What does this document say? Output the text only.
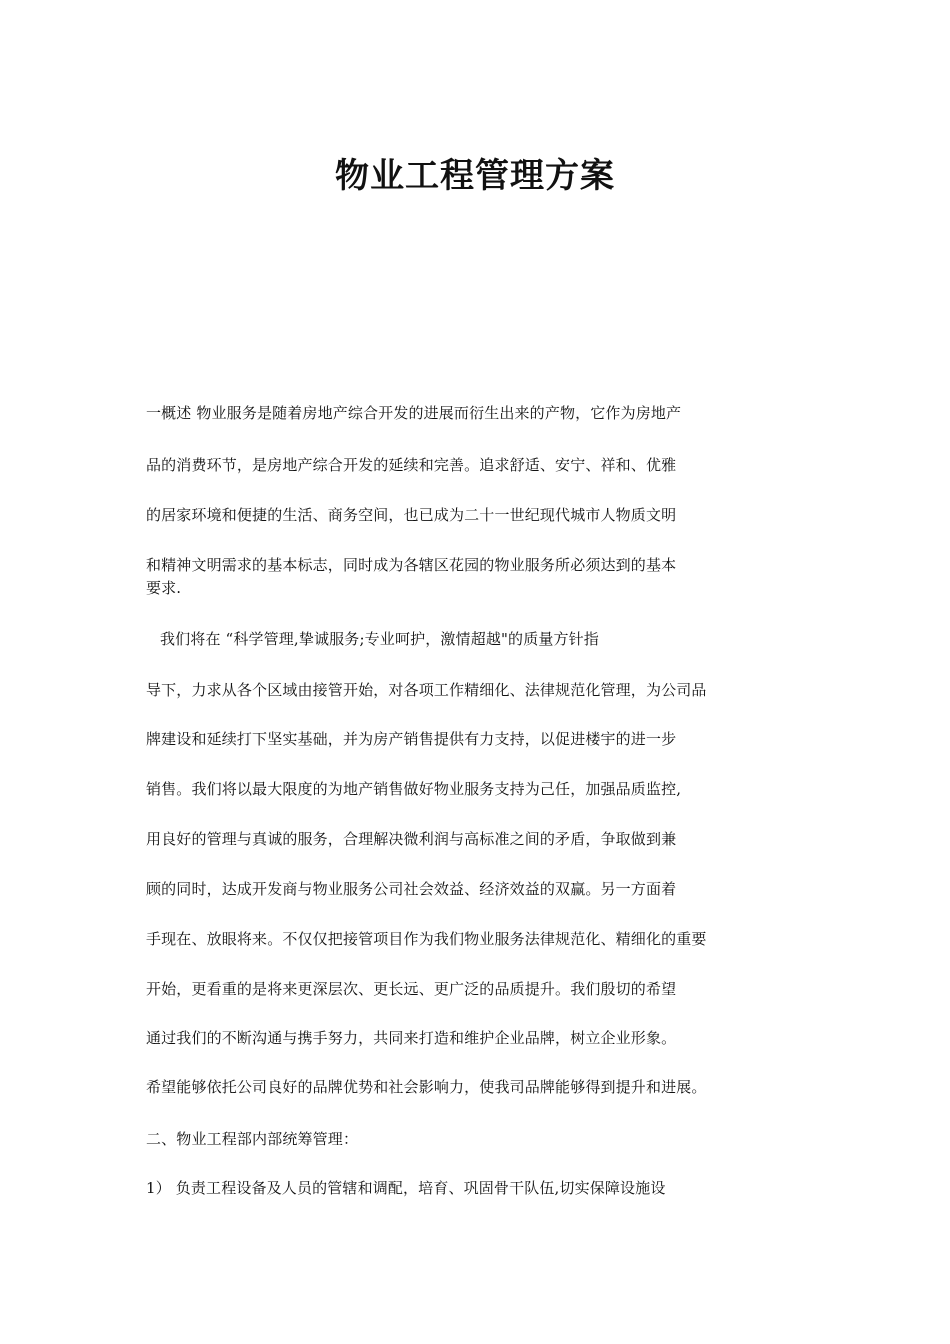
物业工程管理方案
一概述 物业服务是随着房地产综合开发的进展而衍生出来的产物，它作为房地产
品的消费环节，是房地产综合开发的延续和完善。追求舒适、安宁、祥和、优雅
的居家环境和便捷的生活、商务空间，也已成为二十一世纪现代城市人物质文明
和精神文明需求的基本标志，同时成为各辖区花园的物业服务所必须达到的基本
要求.
我们将在 “科学管理,挚诚服务;专业呵护，激情超越"的质量方针指
导下，力求从各个区域由接管开始，对各项工作精细化、法律规范化管理，为公司品
牌建设和延续打下坚实基础，并为房产销售提供有力支持，以促进楼宇的进一步
销售。我们将以最大限度的为地产销售做好物业服务支持为己任，加强品质监控,
用良好的管理与真诚的服务，合理解决微利润与高标准之间的矛盾，争取做到兼
顾的同时，达成开发商与物业服务公司社会效益、经济效益的双赢。另一方面着
手现在、放眼将来。不仅仅把接管项目作为我们物业服务法律规范化、精细化的重要
开始，更看重的是将来更深层次、更长远、更广泛的品质提升。我们殷切的希望
通过我们的不断沟通与携手努力，共同来打造和维护企业品牌，树立企业形象。
希望能够依托公司良好的品牌优势和社会影响力，使我司品牌能够得到提升和进展。
二、物业工程部内部统筹管理：
1） 负责工程设备及人员的管辖和调配，培育、巩固骨干队伍,切实保障设施设
